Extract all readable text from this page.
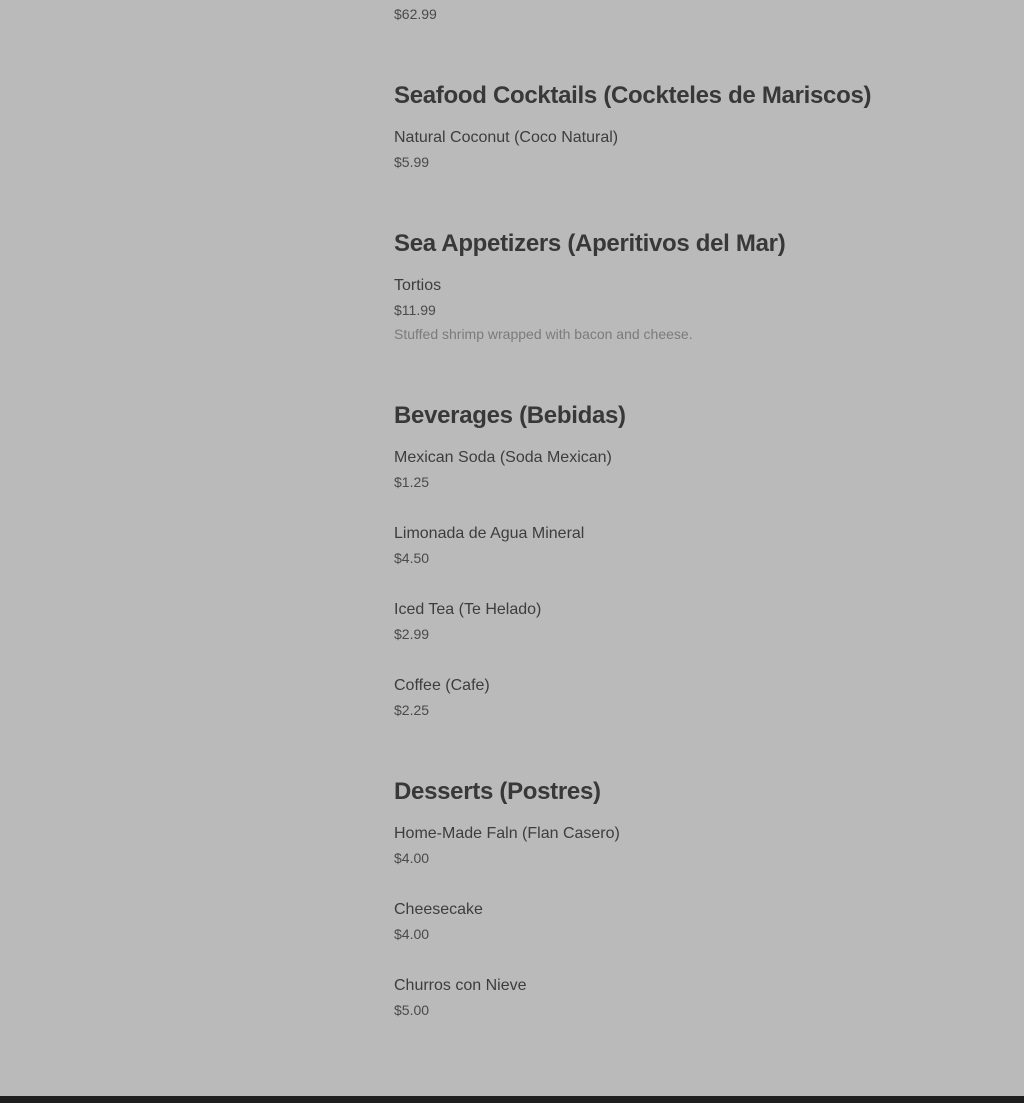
$62.99
Seafood Cocktails (Cockteles de Mariscos)
Natural Coconut (Coco Natural)
$5.99
Sea Appetizers (Aperitivos del Mar)
Tortios
$11.99
Stuffed shrimp wrapped with bacon and cheese.
Beverages (Bebidas)
Mexican Soda (Soda Mexican)
$1.25
Limonada de Agua Mineral
$4.50
Iced Tea (Te Helado)
$2.99
Coffee (Cafe)
$2.25
Desserts (Postres)
Home-Made Faln (Flan Casero)
$4.00
Cheesecake
$4.00
Churros con Nieve
$5.00
